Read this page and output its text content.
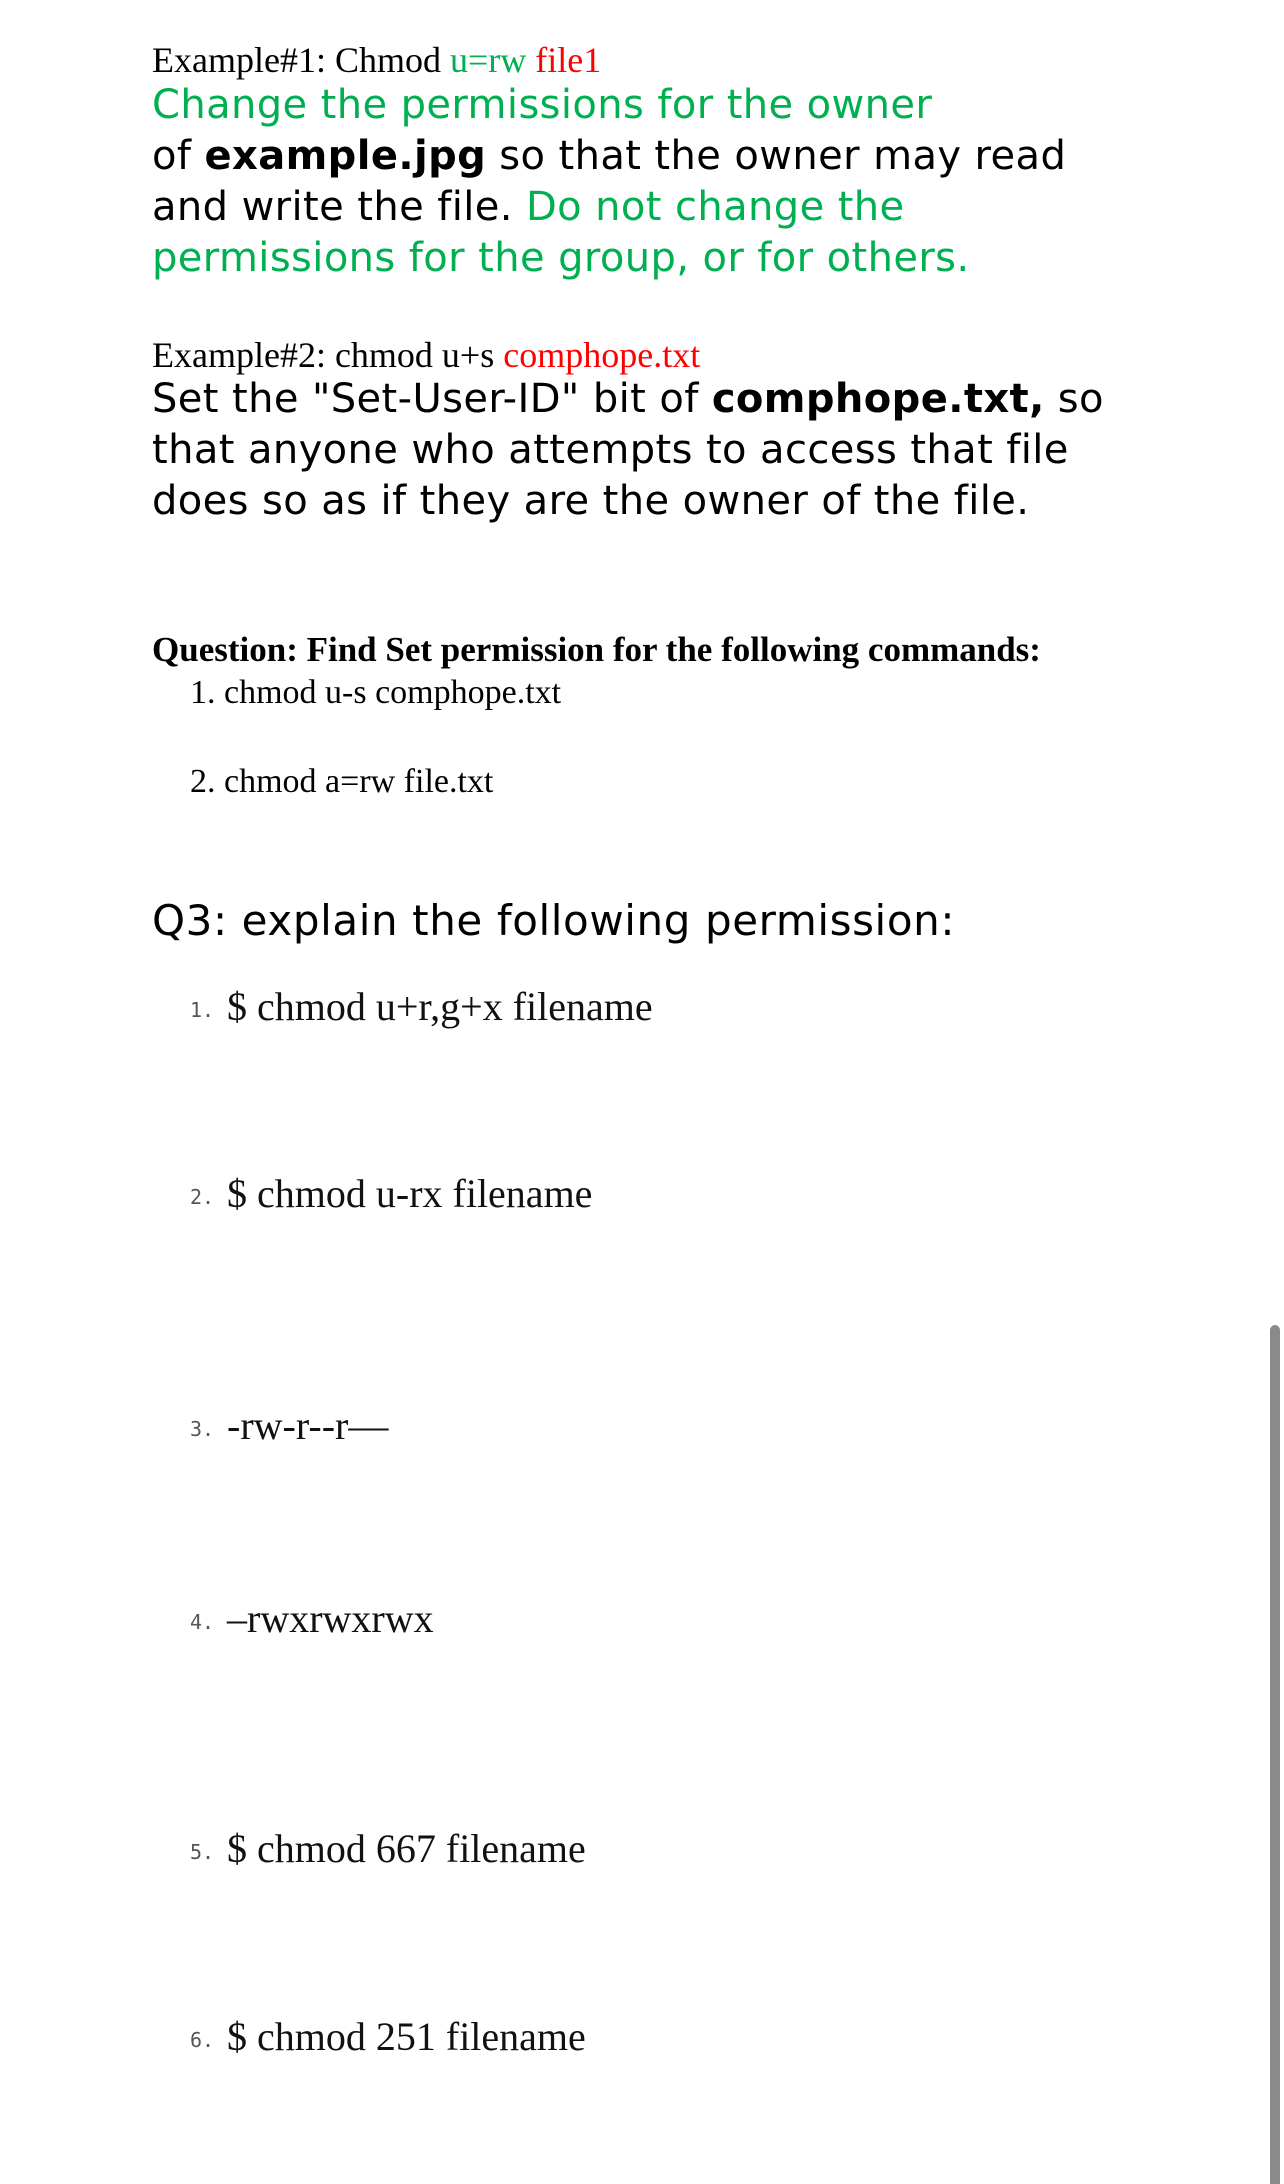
Example#1: Chmod u=rw file1
Change the permissions for the owner
of example.jpg so that the owner may read and write the file. Do not change the permissions for the group, or for others.
Example#2: chmod u+s comphope.txt
Set the "Set-User-ID" bit of comphope.txt, so that anyone who attempts to access that file does so as if they are the owner of the file.
Question: Find Set permission for the following commands:
1. chmod u-s comphope.txt
2. chmod a=rw file.txt
Q3: explain the following permission:
1. $ chmod u+r,g+x filename
2. $ chmod u-rx filename
3. -rw-r--r—
4. –rwxrwxrwx
5. $ chmod 667 filename
6. $ chmod 251 filename
